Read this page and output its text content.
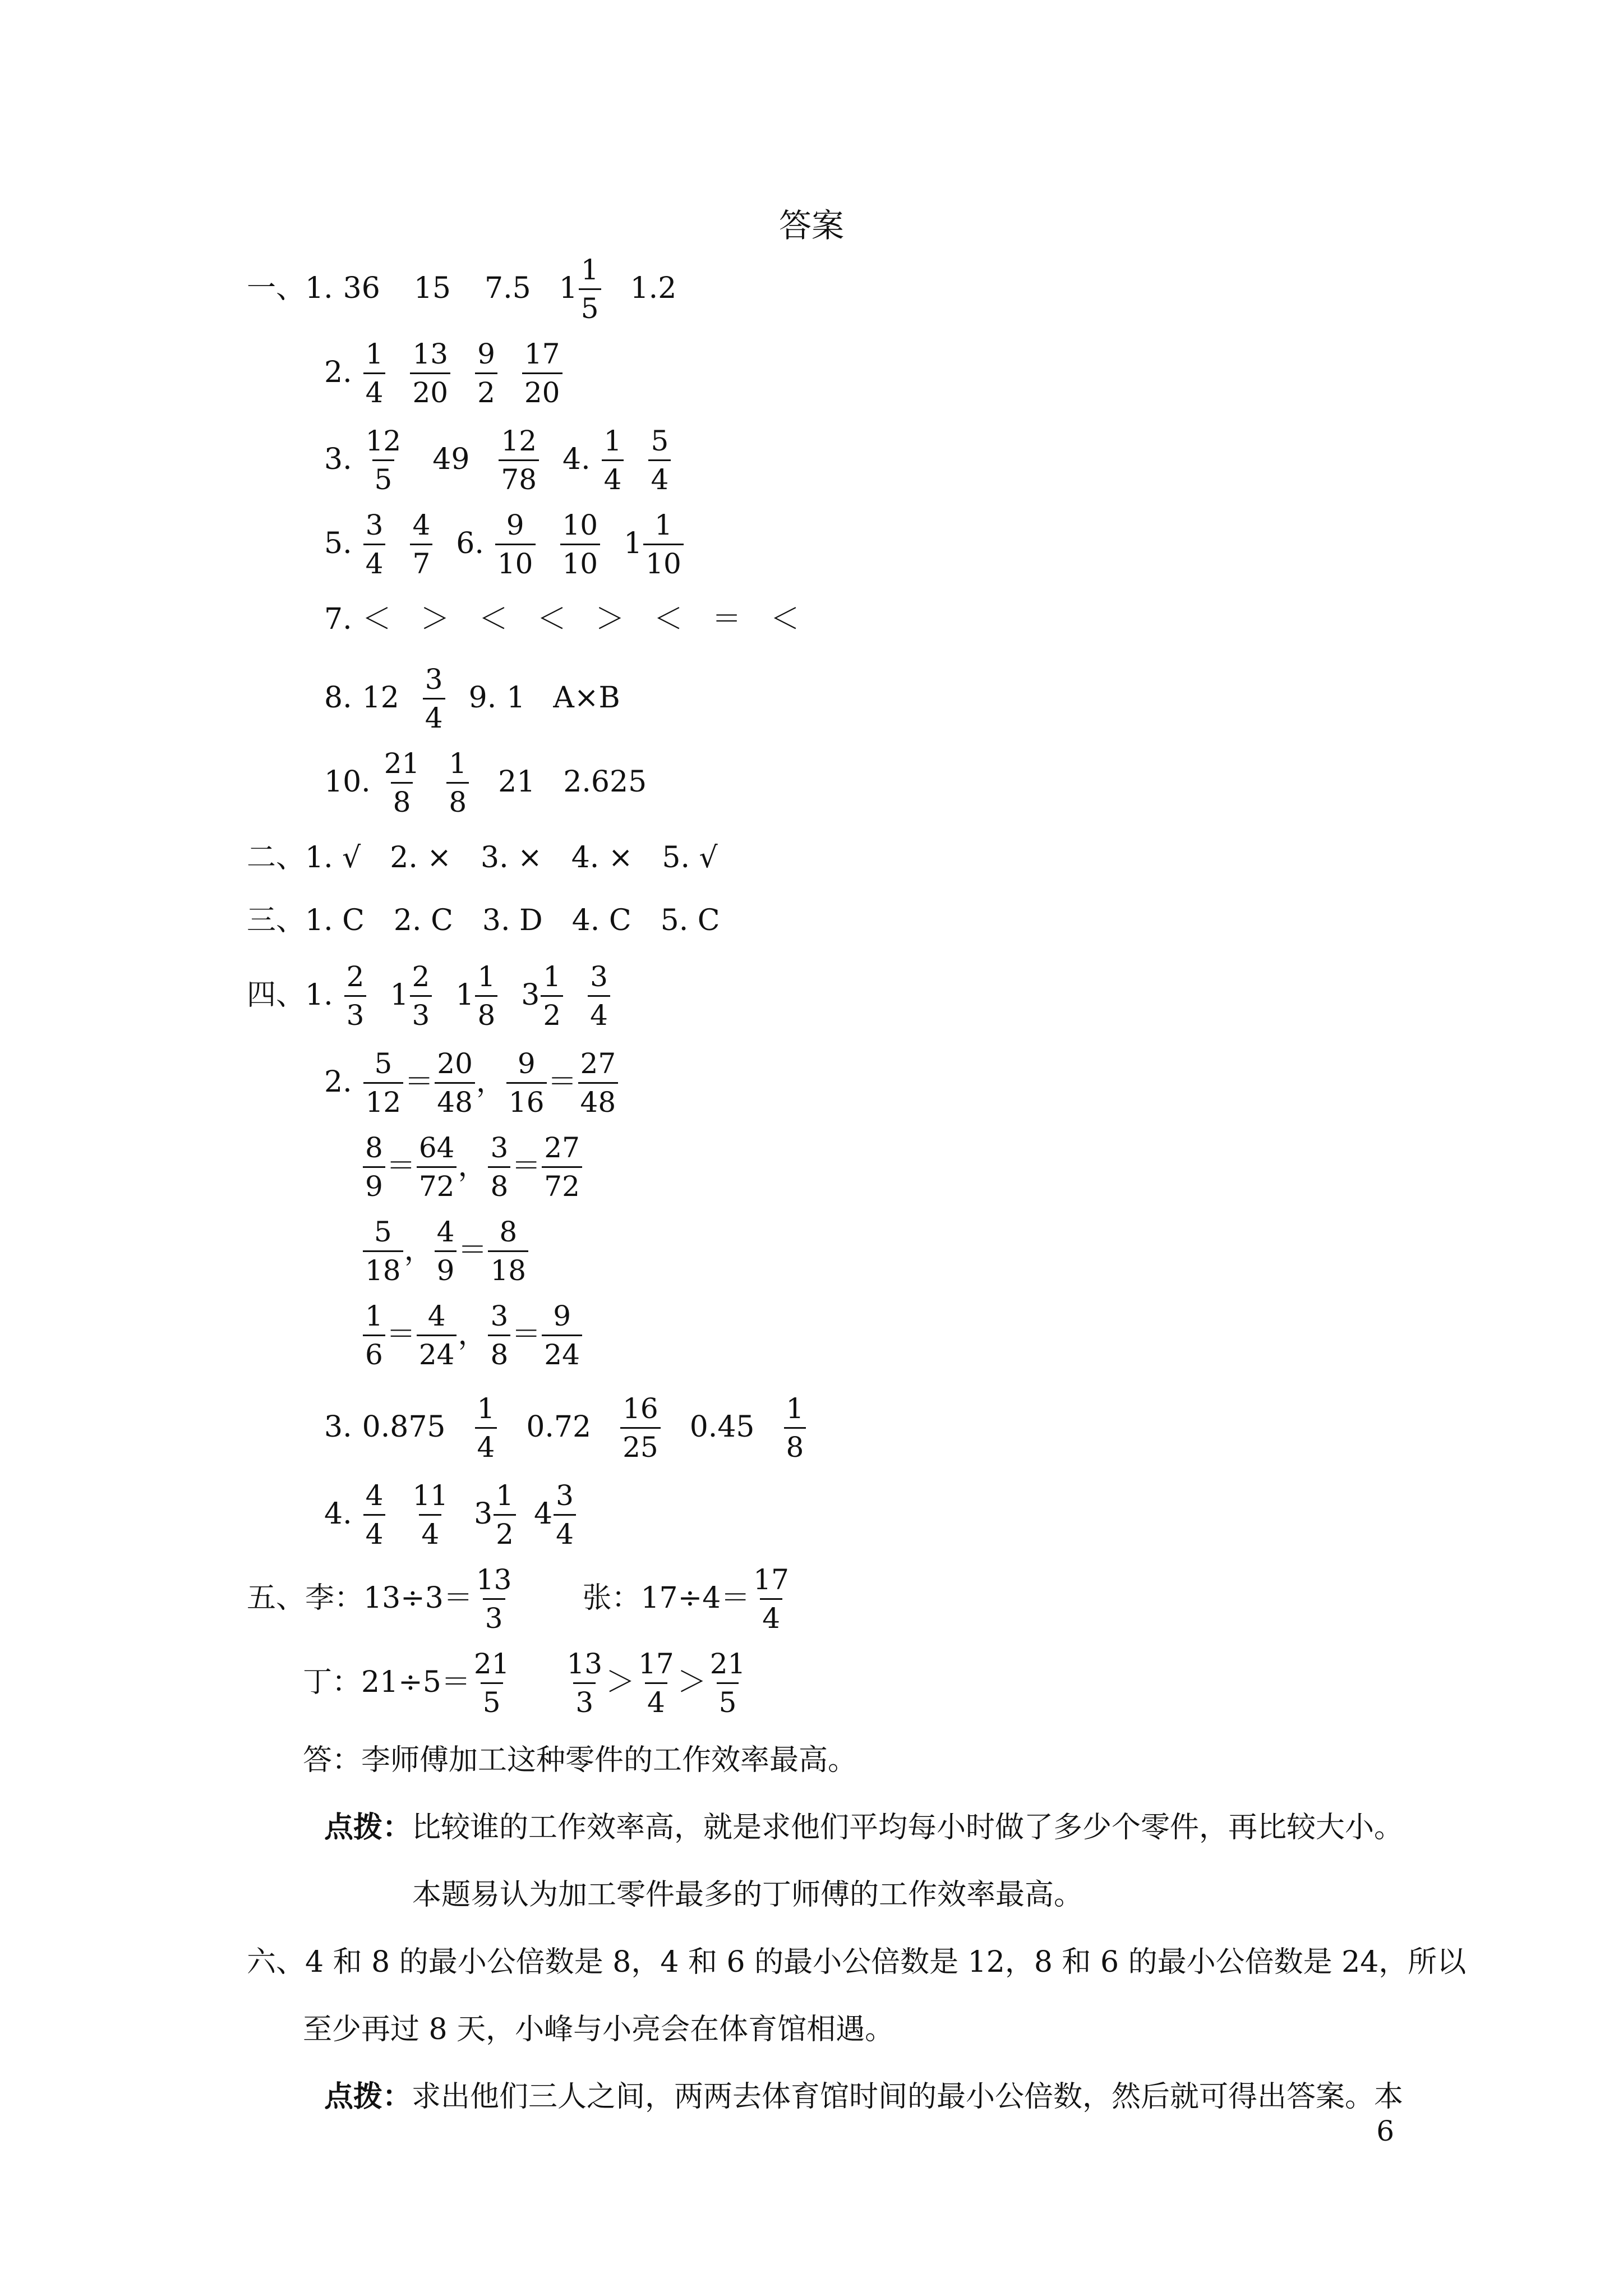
答案
一、 1. 36 15 7.5 $1 \frac{1}{5} 1.2$
2. $\frac{1}{4} \frac{13}{20} \frac{9}{2} \frac{17}{20}$
3. $\frac{12}{5} 49 \frac{12}{78} 4$. $\frac{1}{4} \frac{5}{4}$
5. $\frac{3}{4} \frac{4}{7} 6$. $\frac{9}{10} \frac{10}{10} 1 \frac{1}{10}$
7. ＜　＞　＜　＜　＞　＜　＝　＜
8. $12 \frac{3}{4} 9$. 1 A×B
10. $\frac{21}{8} \frac{1}{8} 21$ 2.625
二、1. √　2. ×　3. ×　4. ×　5. √
三、1. C　2. C　3. D　4. C　5. C
四、 1. $\frac{2}{3} 1 \frac{2}{3} 1 \frac{1}{8} 3 \frac{1}{2} \frac{3}{4}$
2. $\frac{5}{12} = \frac{20}{48}$ ， $\frac{9}{16} = \frac{27}{48}$
$\frac{8}{9} = \frac{64}{72}$ ， $\frac{3}{8} = \frac{27}{72}$
$\frac{5}{18}$ ， $\frac{4}{9} = \frac{8}{18}$
$\frac{1}{6} = \frac{4}{24}$ ， $\frac{3}{8} = \frac{9}{24}$
3. $0.875 \frac{1}{4} 0.72 \frac{16}{25} 0.45 \frac{1}{8}$
4. $\frac{4}{4} \frac{11}{4} 3 \frac{1}{2} 4 \frac{3}{4}$
五、 李：$13\div 3= \frac{13}{3}$ 张：$17\div 4= \frac{17}{4}$
丁：$21\div 5= \frac{21}{5} \frac{13}{3} > \frac{17}{4} > \frac{21}{5}$
答：李师傅加工这种零件的工作效率最高。
点拨：比较谁的工作效率高，就是求他们平均每小时做了多少个零件，再比较大小。
本题易认为加工零件最多的丁师傅的工作效率最高。
六、4 和 8 的最小公倍数是 8，4 和 6 的最小公倍数是 12，8 和 6 的最小公倍数是 24，所以
至少再过 8 天，小峰与小亮会在体育馆相遇。
点拨：求出他们三人之间，两两去体育馆时间的最小公倍数，然后就可得出答案。本
6
